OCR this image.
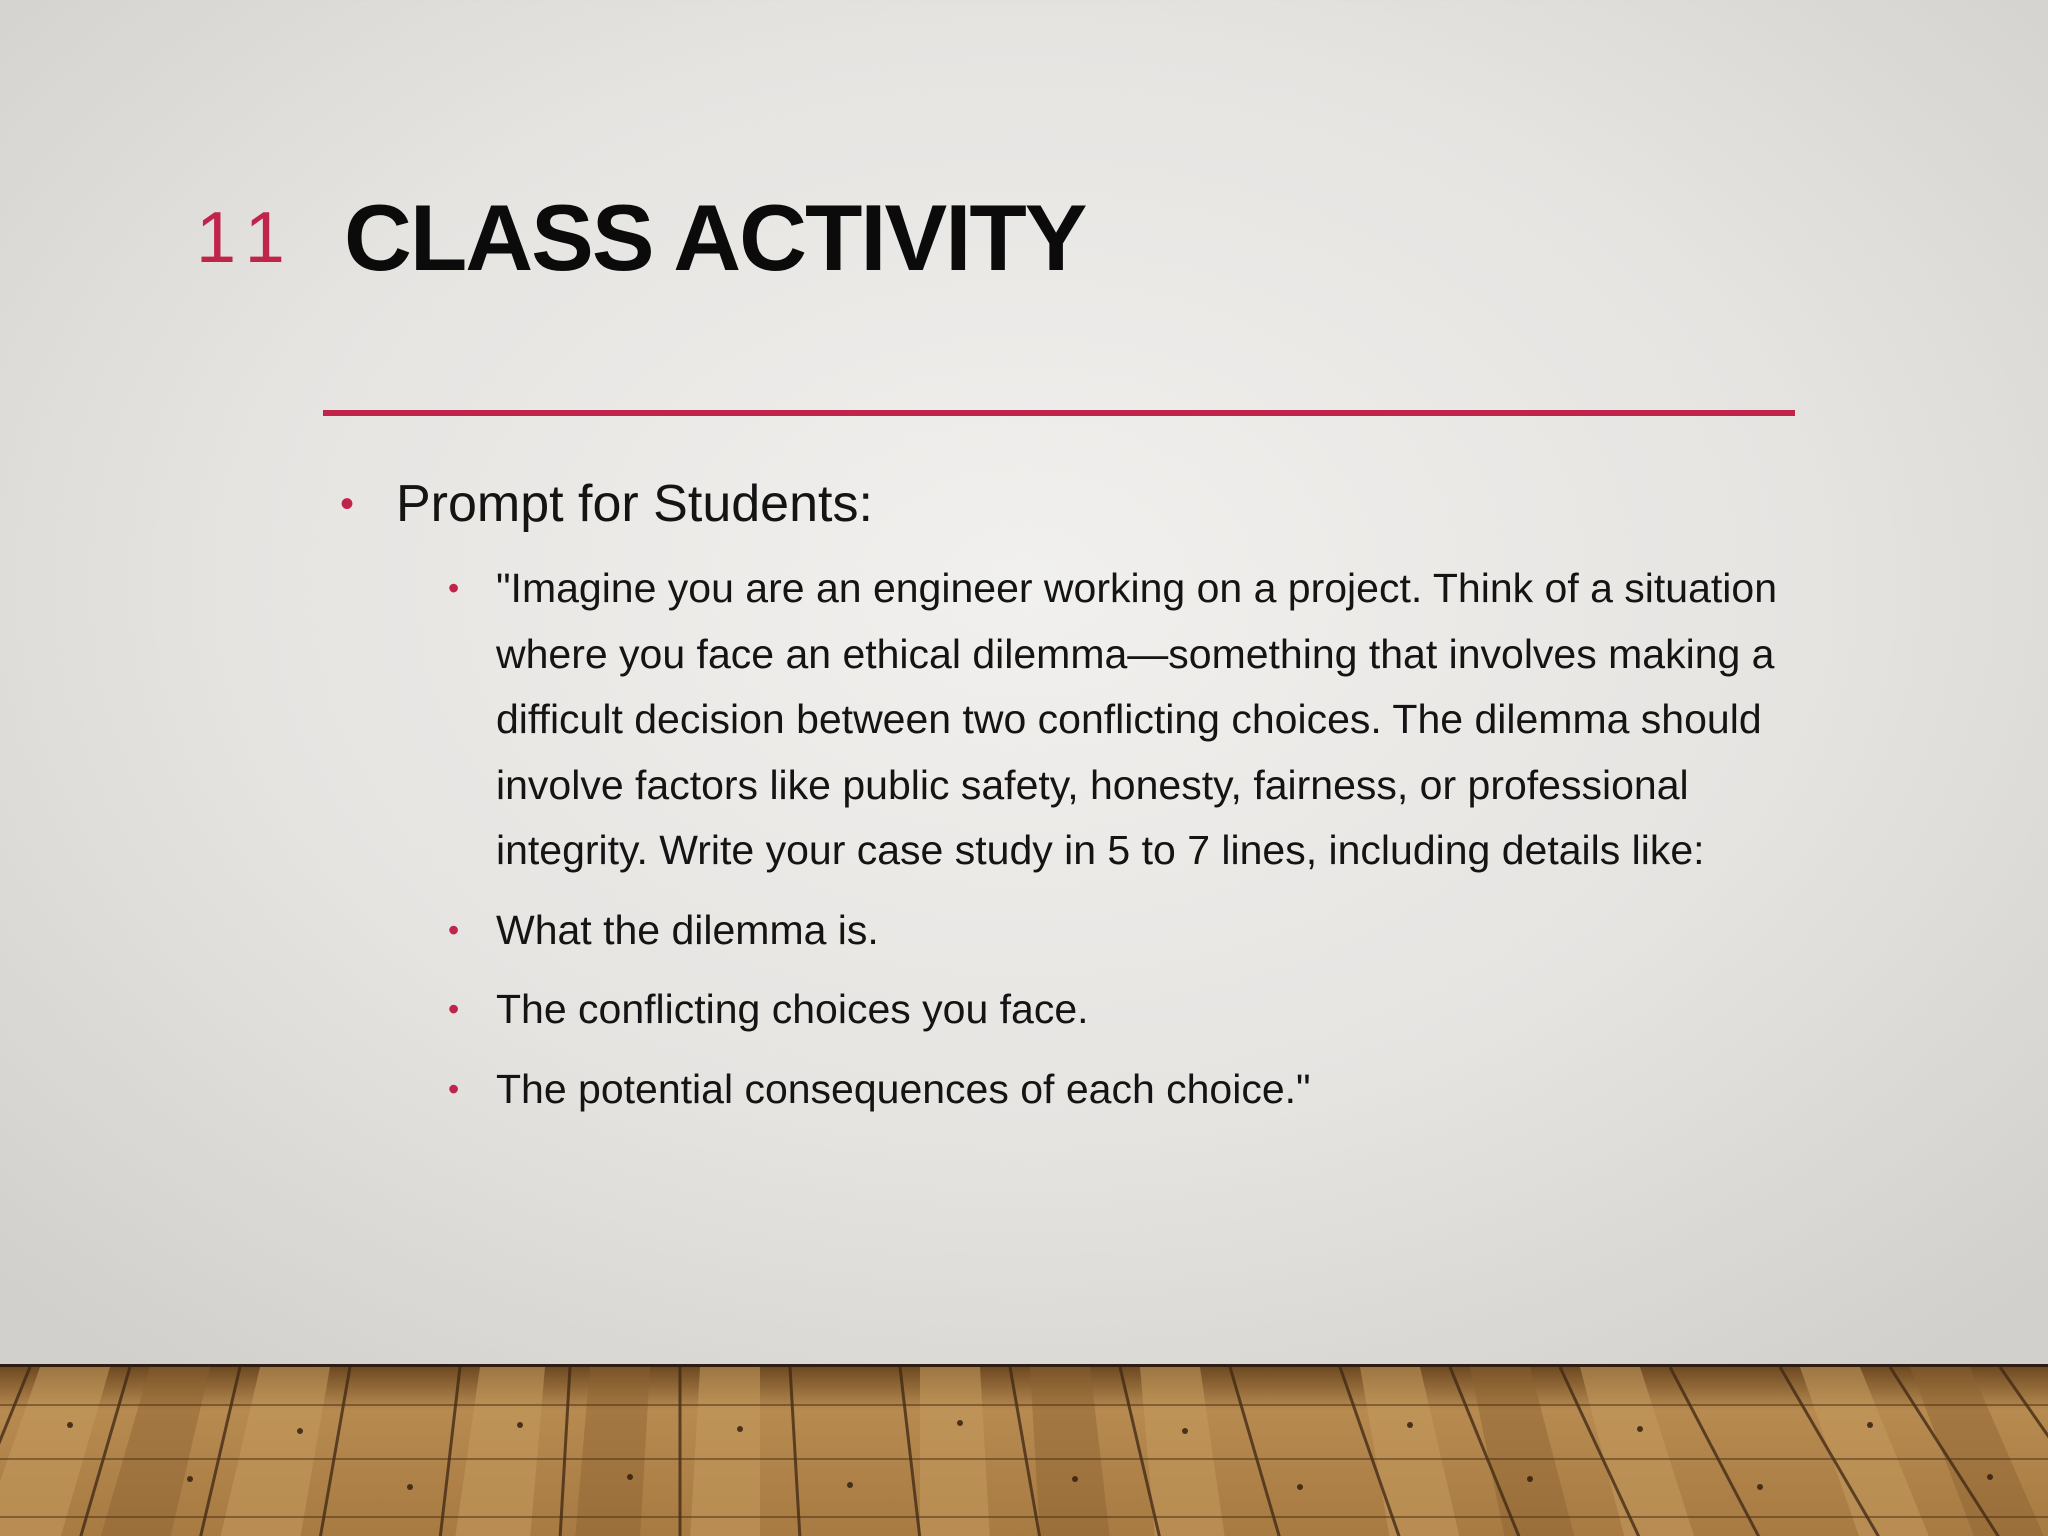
11 CLASS ACTIVITY
• Prompt for Students:
• "Imagine you are an engineer working on a project. Think of a situation where you face an ethical dilemma—something that involves making a difficult decision between two conflicting choices. The dilemma should involve factors like public safety, honesty, fairness, or professional integrity. Write your case study in 5 to 7 lines, including details like:
• What the dilemma is.
• The conflicting choices you face.
• The potential consequences of each choice."
